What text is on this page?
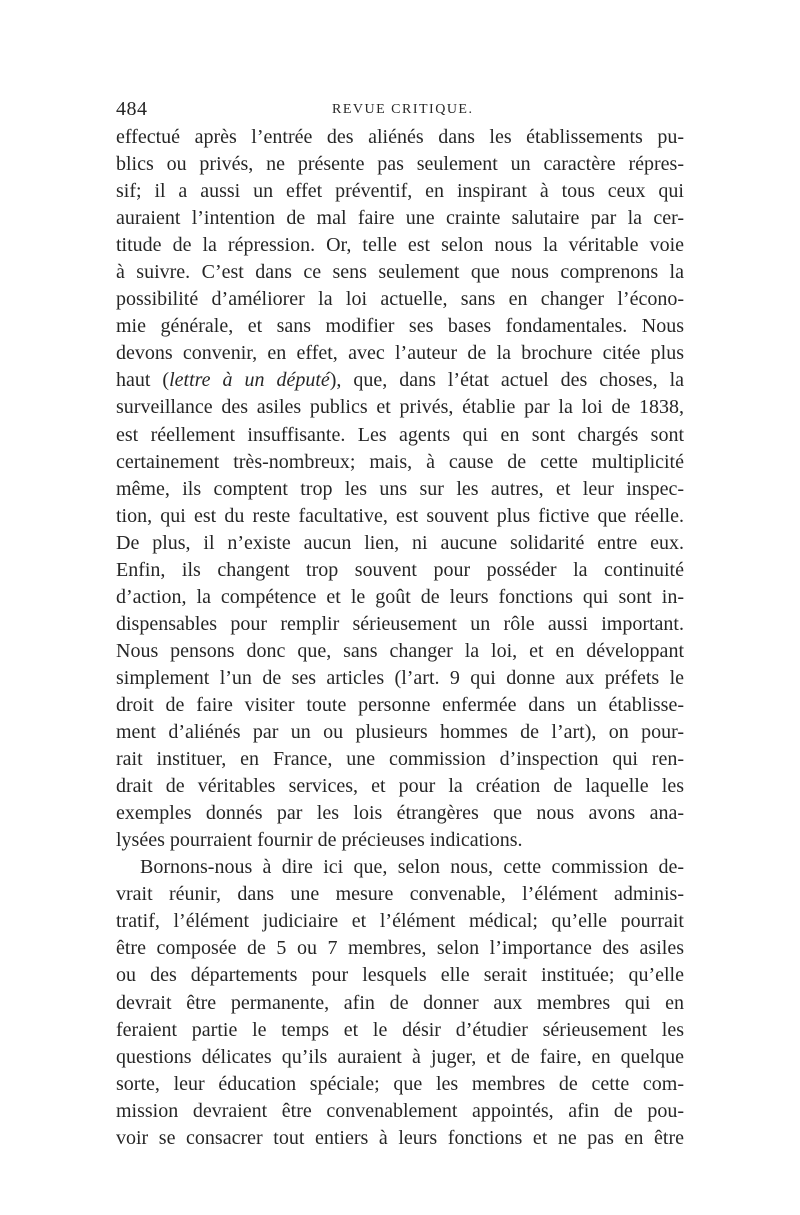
484	REVUE CRITIQUE.
effectué après l’entrée des aliénés dans les établissements pu-
blics ou privés, ne présente pas seulement un caractère répres-
sif; il a aussi un effet préventif, en inspirant à tous ceux qui
auraient l’intention de mal faire une crainte salutaire par la cer-
titude de la répression. Or, telle est selon nous la véritable voie
à suivre. C’est dans ce sens seulement que nous comprenons la
possibilité d’améliorer la loi actuelle, sans en changer l’écono-
mie générale, et sans modifier ses bases fondamentales. Nous
devons convenir, en effet, avec l’auteur de la brochure citée plus
haut (lettre à un député), que, dans l’état actuel des choses, la
surveillance des asiles publics et privés, établie par la loi de 1838,
est réellement insuffisante. Les agents qui en sont chargés sont
certainement très-nombreux; mais, à cause de cette multiplicité
même, ils comptent trop les uns sur les autres, et leur inspec-
tion, qui est du reste facultative, est souvent plus fictive que réelle.
De plus, il n’existe aucun lien, ni aucune solidarité entre eux.
Enfin, ils changent trop souvent pour posséder la continuité
d’action, la compétence et le goût de leurs fonctions qui sont in-
dispensables pour remplir sérieusement un rôle aussi important.
Nous pensons donc que, sans changer la loi, et en développant
simplement l’un de ses articles (l’art. 9 qui donne aux préfets le
droit de faire visiter toute personne enfermée dans un établisse-
ment d’aliénés par un ou plusieurs hommes de l’art), on pour-
rait instituer, en France, une commission d’inspection qui ren-
drait de véritables services, et pour la création de laquelle les
exemples donnés par les lois étrangères que nous avons ana-
lysées pourraient fournir de précieuses indications.
Bornons-nous à dire ici que, selon nous, cette commission de-
vrait réunir, dans une mesure convenable, l’élément adminis-
tratif, l’élément judiciaire et l’élément médical; qu’elle pourrait
être composée de 5 ou 7 membres, selon l’importance des asiles
ou des départements pour lesquels elle serait instituée; qu’elle
devrait être permanente, afin de donner aux membres qui en
feraient partie le temps et le désir d’étudier sérieusement les
questions délicates qu’ils auraient à juger, et de faire, en quelque
sorte, leur éducation spéciale; que les membres de cette com-
mission devraient être convenablement appointés, afin de pou-
voir se consacrer tout entiers à leurs fonctions et ne pas en être
